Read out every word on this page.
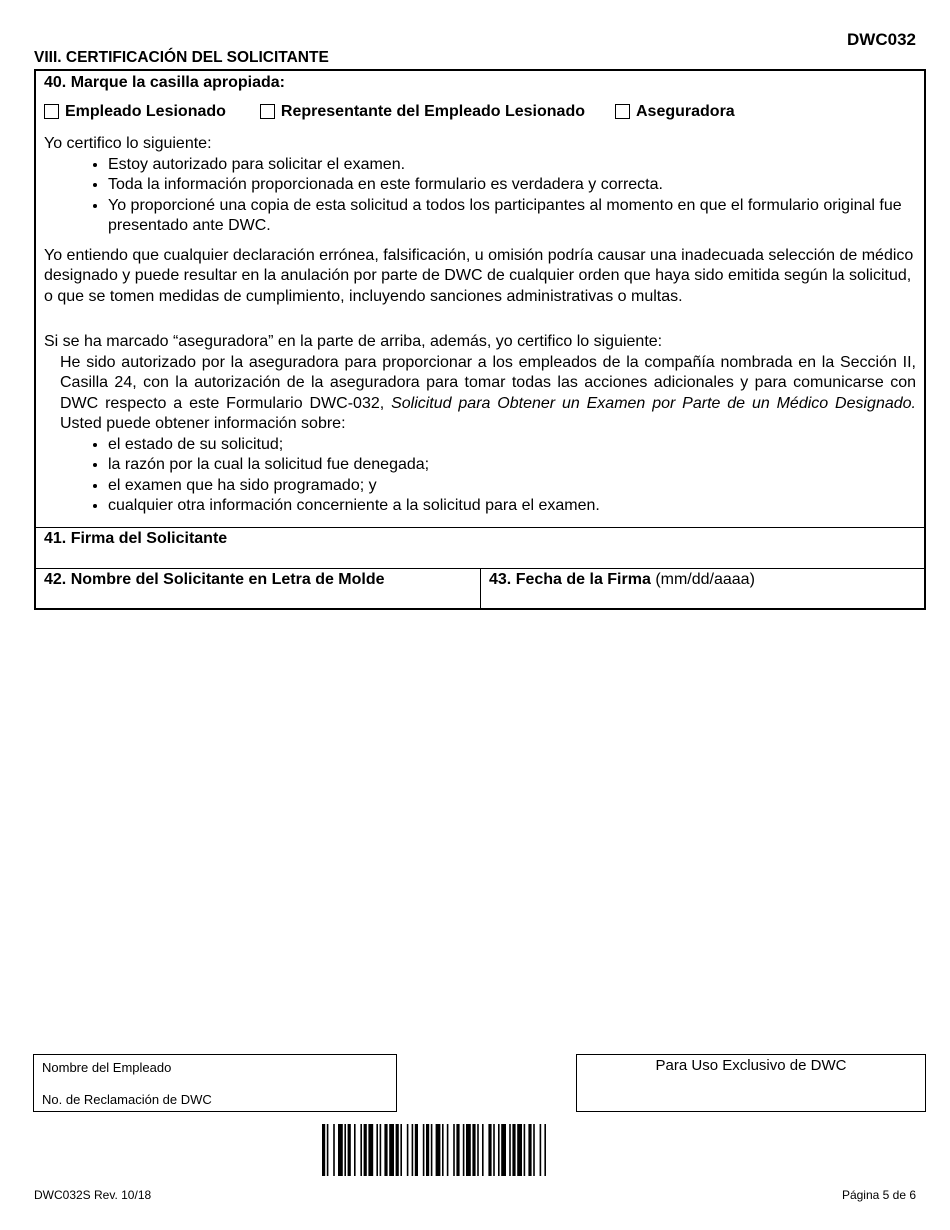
DWC032
VIII. CERTIFICACIÓN DEL SOLICITANTE
40. Marque la casilla apropiada:
Empleado Lesionado	Representante del Empleado Lesionado	Aseguradora

Yo certifico lo siguiente:

• Estoy autorizado para solicitar el examen.
• Toda la información proporcionada en este formulario es verdadera y correcta.
• Yo proporcioné una copia de esta solicitud a todos los participantes al momento en que el formulario original fue presentado ante DWC.

Yo entiendo que cualquier declaración errónea, falsificación, u omisión podría causar una inadecuada selección de médico designado y puede resultar en la anulación por parte de DWC de cualquier orden que haya sido emitida según la solicitud, o que se tomen medidas de cumplimiento, incluyendo sanciones administrativas o multas.

Si se ha marcado “aseguradora” en la parte de arriba, además, yo certifico lo siguiente:

He sido autorizado por la aseguradora para proporcionar a los empleados de la compañía nombrada en la Sección II, Casilla 24, con la autorización de la aseguradora para tomar todas las acciones adicionales y para comunicarse con DWC respecto a este Formulario DWC-032, Solicitud para Obtener un Examen por Parte de un Médico Designado. Usted puede obtener información sobre:
• el estado de su solicitud;
• la razón por la cual la solicitud fue denegada;
• el examen que ha sido programado; y
• cualquier otra información concerniente a la solicitud para el examen.
41. Firma del Solicitante
42. Nombre del Solicitante en Letra de Molde	43. Fecha de la Firma (mm/dd/aaaa)
Nombre del Empleado
No. de Reclamación de DWC
Para Uso Exclusivo de DWC
DWC032S Rev. 10/18	Página 5 de 6
